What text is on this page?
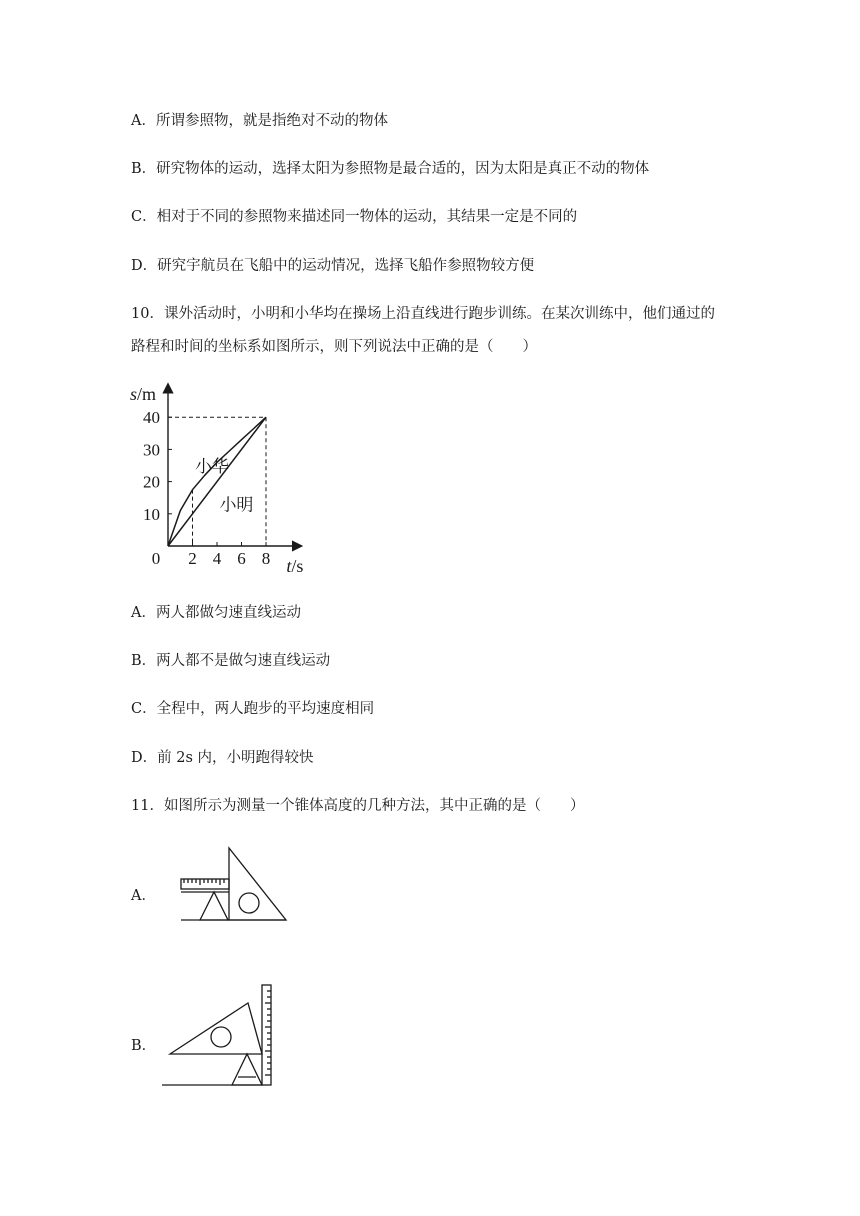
A．所谓参照物，就是指绝对不动的物体
B．研究物体的运动，选择太阳为参照物是最合适的，因为太阳是真正不动的物体
C．相对于不同的参照物来描述同一物体的运动，其结果一定是不同的
D．研究宇航员在飞船中的运动情况，选择飞船作参照物较方便
10．课外活动时，小明和小华均在操场上沿直线进行跑步训练。在某次训练中，他们通过的
路程和时间的坐标系如图所示，则下列说法中正确的是（　　）
2 4 6 8
10
20
30
40
0
小华
小明
s/m
t/s
A．两人都做匀速直线运动
B．两人都不是做匀速直线运动
C．全程中，两人跑步的平均速度相同
D．前 2s 内，小明跑得较快
11．如图所示为测量一个锥体高度的几种方法，其中正确的是（　　）
A．
B．
